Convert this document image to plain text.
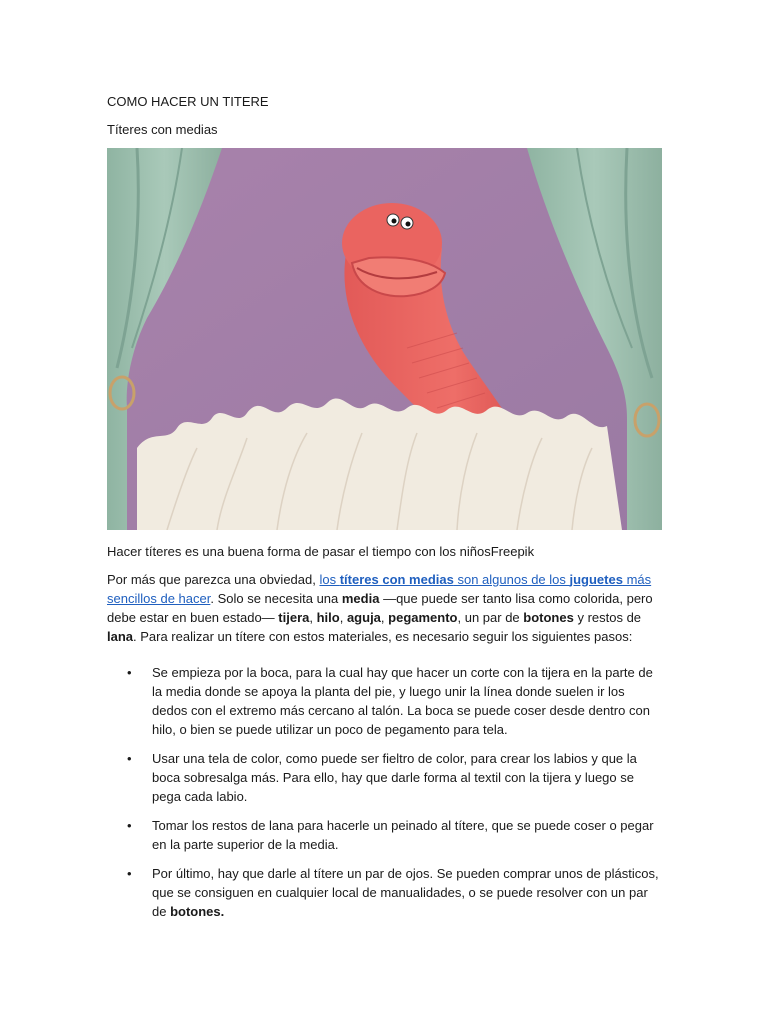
COMO HACER UN TITERE

Títeres con medias

Hacer títeres es una buena forma de pasar el tiempo con los niñosFreepik

Por más que parezca una obviedad, los títeres con medias son algunos de los juguetes más sencillos de hacer. Solo se necesita una media —que puede ser tanto lisa como colorida, pero debe estar en buen estado— tijera, hilo, aguja, pegamento, un par de botones y restos de lana. Para realizar un títere con estos materiales, es necesario seguir los siguientes pasos:

• Se empieza por la boca, para la cual hay que hacer un corte con la tijera en la parte de la media donde se apoya la planta del pie, y luego unir la línea donde suelen ir los dedos con el extremo más cercano al talón. La boca se puede coser desde dentro con hilo, o bien se puede utilizar un poco de pegamento para tela.
• Usar una tela de color, como puede ser fieltro de color, para crear los labios y que la boca sobresalga más. Para ello, hay que darle forma al textil con la tijera y luego se pega cada labio.
• Tomar los restos de lana para hacerle un peinado al títere, que se puede coser o pegar en la parte superior de la media.
• Por último, hay que darle al títere un par de ojos. Se pueden comprar unos de plásticos, que se consiguen en cualquier local de manualidades, o se puede resolver con un par de botones.
